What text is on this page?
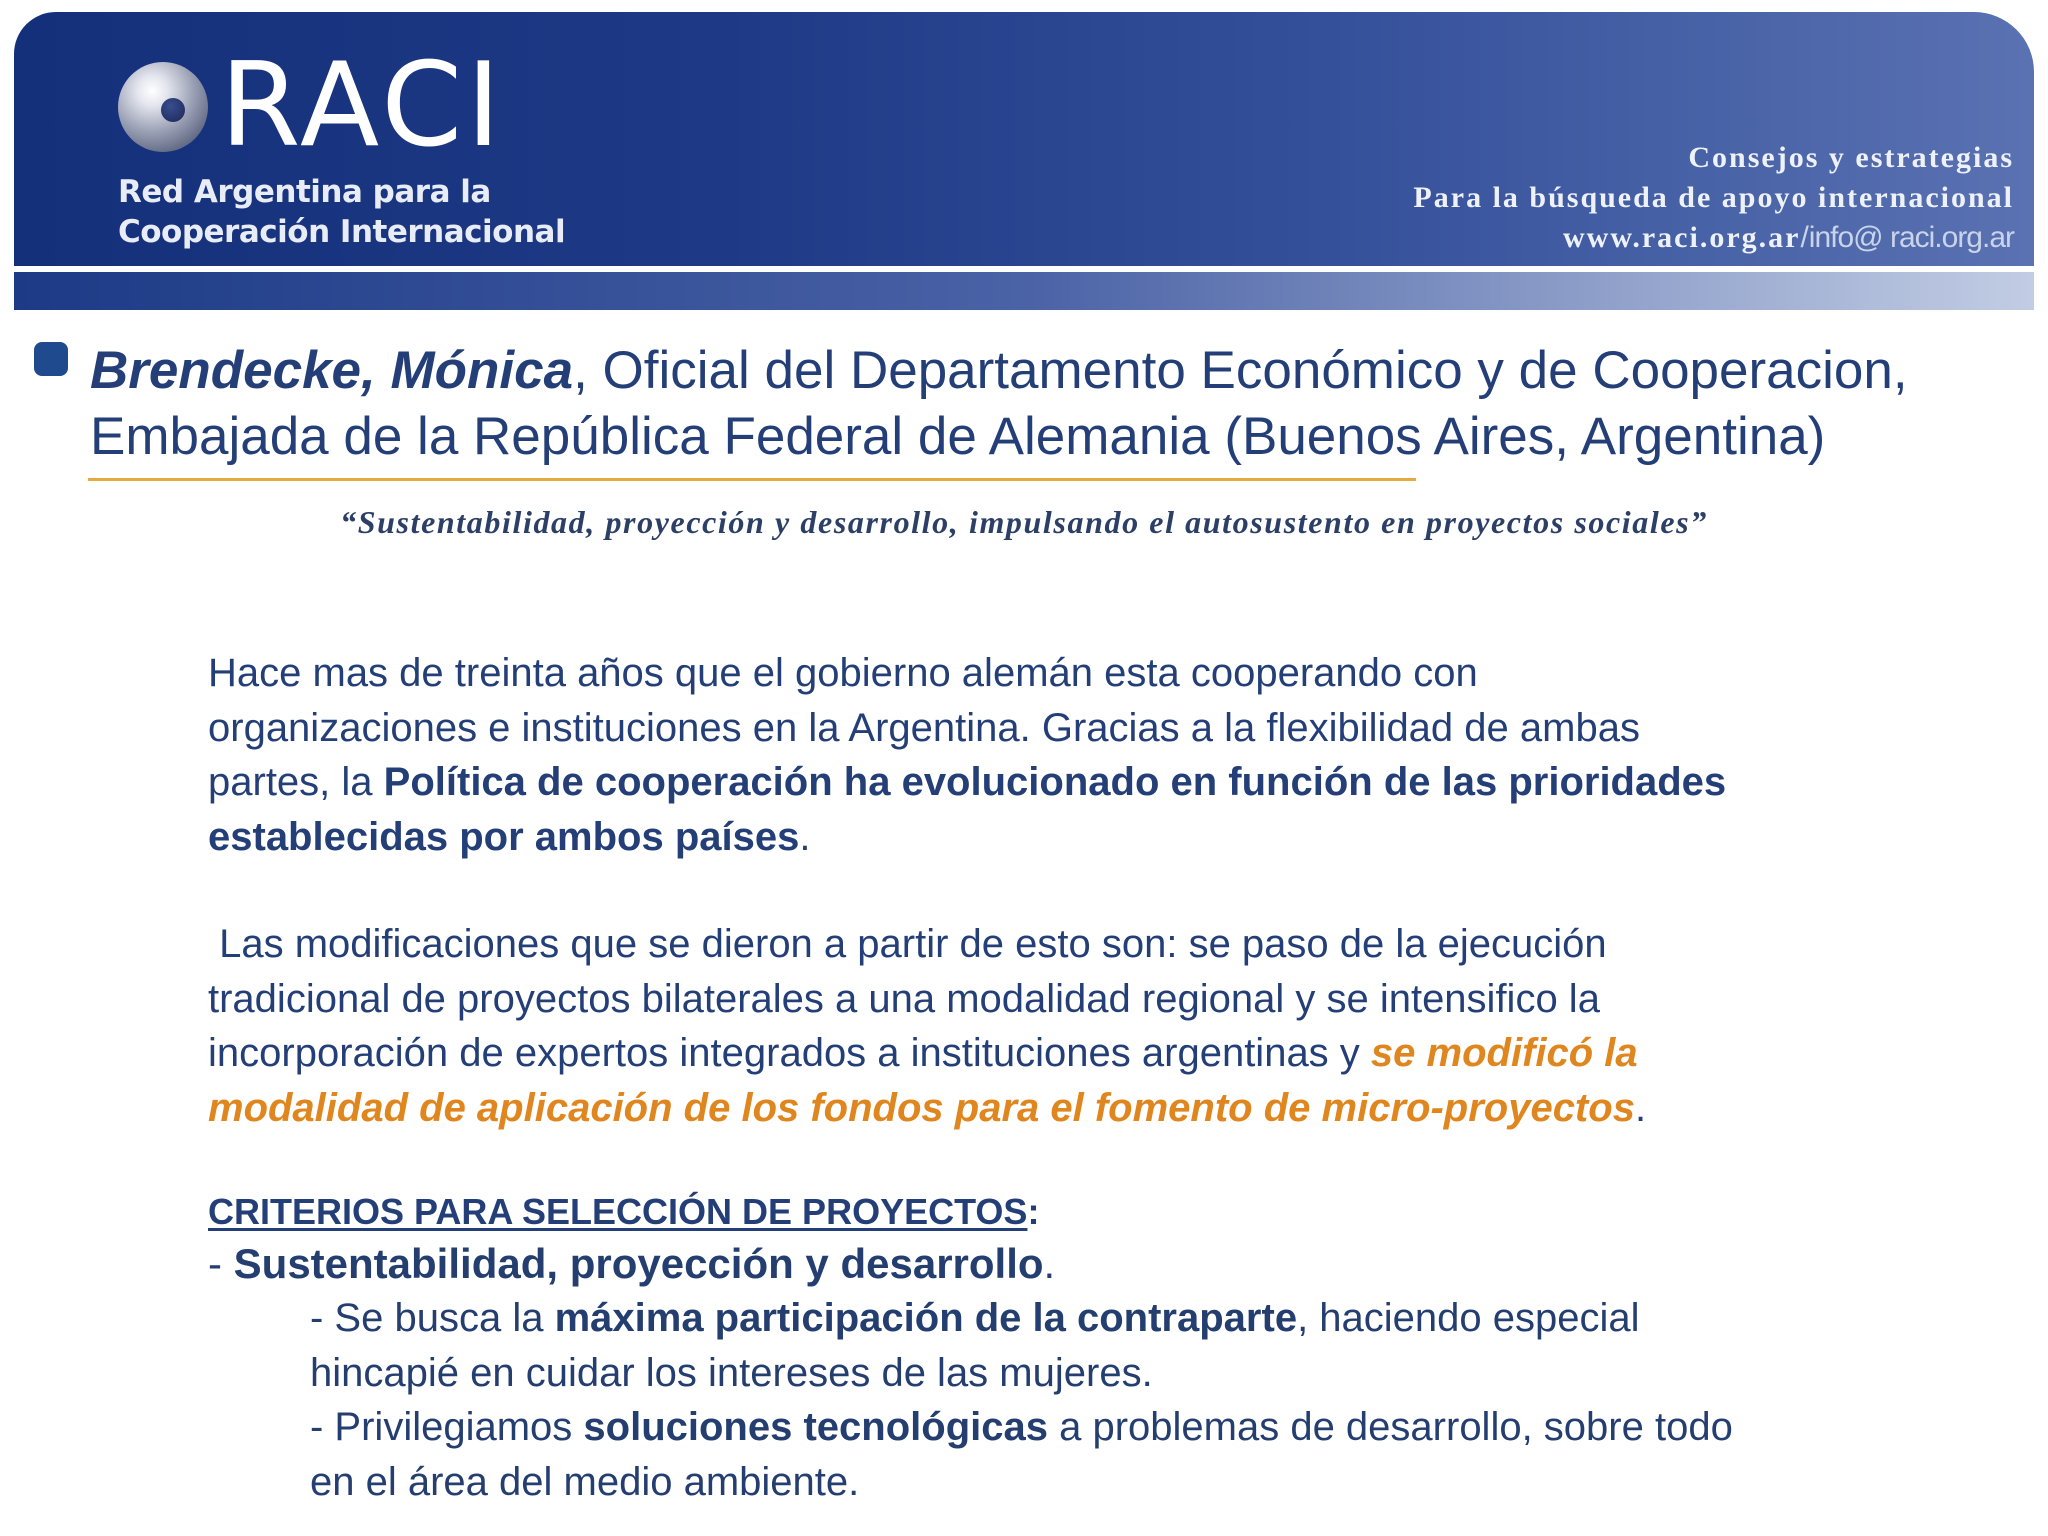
RACI
Red Argentina para la
Cooperación Internacional
Consejos y estrategias
Para la búsqueda de apoyo internacional
www.raci.org.ar/info@ raci.org.ar
Brendecke, Mónica, Oficial del Departamento Económico y de Cooperacion,
Embajada de la República Federal de Alemania (Buenos Aires, Argentina)
“Sustentabilidad, proyección y desarrollo, impulsando el autosustento en proyectos sociales”
Hace mas de treinta años que el gobierno alemán esta cooperando con
organizaciones e instituciones en la Argentina. Gracias a la flexibilidad de ambas
partes, la Política de cooperación ha evolucionado en función de las prioridades
establecidas por ambos países.
Las modificaciones que se dieron a partir de esto son: se paso de la ejecución
tradicional de proyectos bilaterales a una modalidad regional y se intensifico la
incorporación de expertos integrados a instituciones argentinas y se modificó la
modalidad de aplicación de los fondos para el fomento de micro-proyectos.
CRITERIOS PARA SELECCIÓN DE PROYECTOS:
- Sustentabilidad, proyección y desarrollo.
- Se busca la máxima participación de la contraparte, haciendo especial
hincapié en cuidar los intereses de las mujeres.
- Privilegiamos soluciones tecnológicas a problemas de desarrollo, sobre todo
en el área del medio ambiente.
